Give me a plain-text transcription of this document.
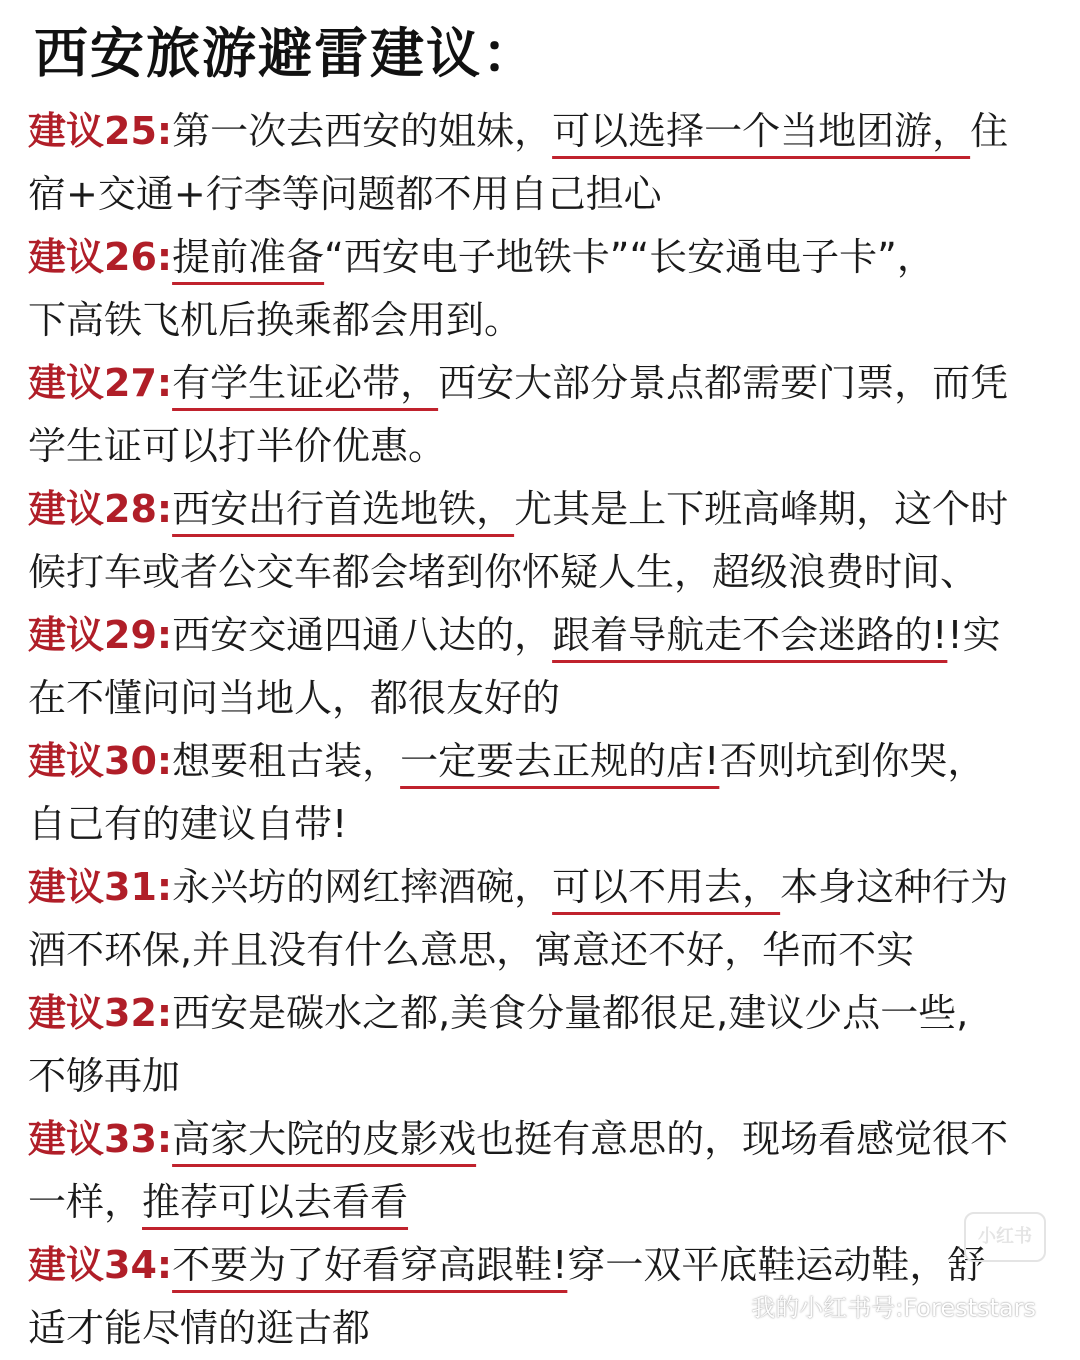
西安旅游避雷建议：
建议25:第一次去西安的姐妹，可以选择一个当地团游，住
宿+交通+行李等问题都不用自己担心
建议26:提前准备“西安电子地铁卡”“长安通电子卡”，
下高铁飞机后换乘都会用到。
建议27:有学生证必带，西安大部分景点都需要门票，而凭
学生证可以打半价优惠。
建议28:西安出行首选地铁，尤其是上下班高峰期，这个时
候打车或者公交车都会堵到你怀疑人生，超级浪费时间、
建议29:西安交通四通八达的，跟着导航走不会迷路的!!实
在不懂问问当地人，都很友好的
建议30:想要租古装，一定要去正规的店!否则坑到你哭，
自己有的建议自带!
建议31:永兴坊的网红摔酒碗，可以不用去，本身这种行为
酒不环保,并且没有什么意思，寓意还不好，华而不实
建议32:西安是碳水之都,美食分量都很足,建议少点一些,
不够再加
建议33:高家大院的皮影戏也挺有意思的，现场看感觉很不
一样，推荐可以去看看
建议34:不要为了好看穿高跟鞋!穿一双平底鞋运动鞋，舒
适才能尽情的逛古都
小红书
我的小红书号:Foreststars
